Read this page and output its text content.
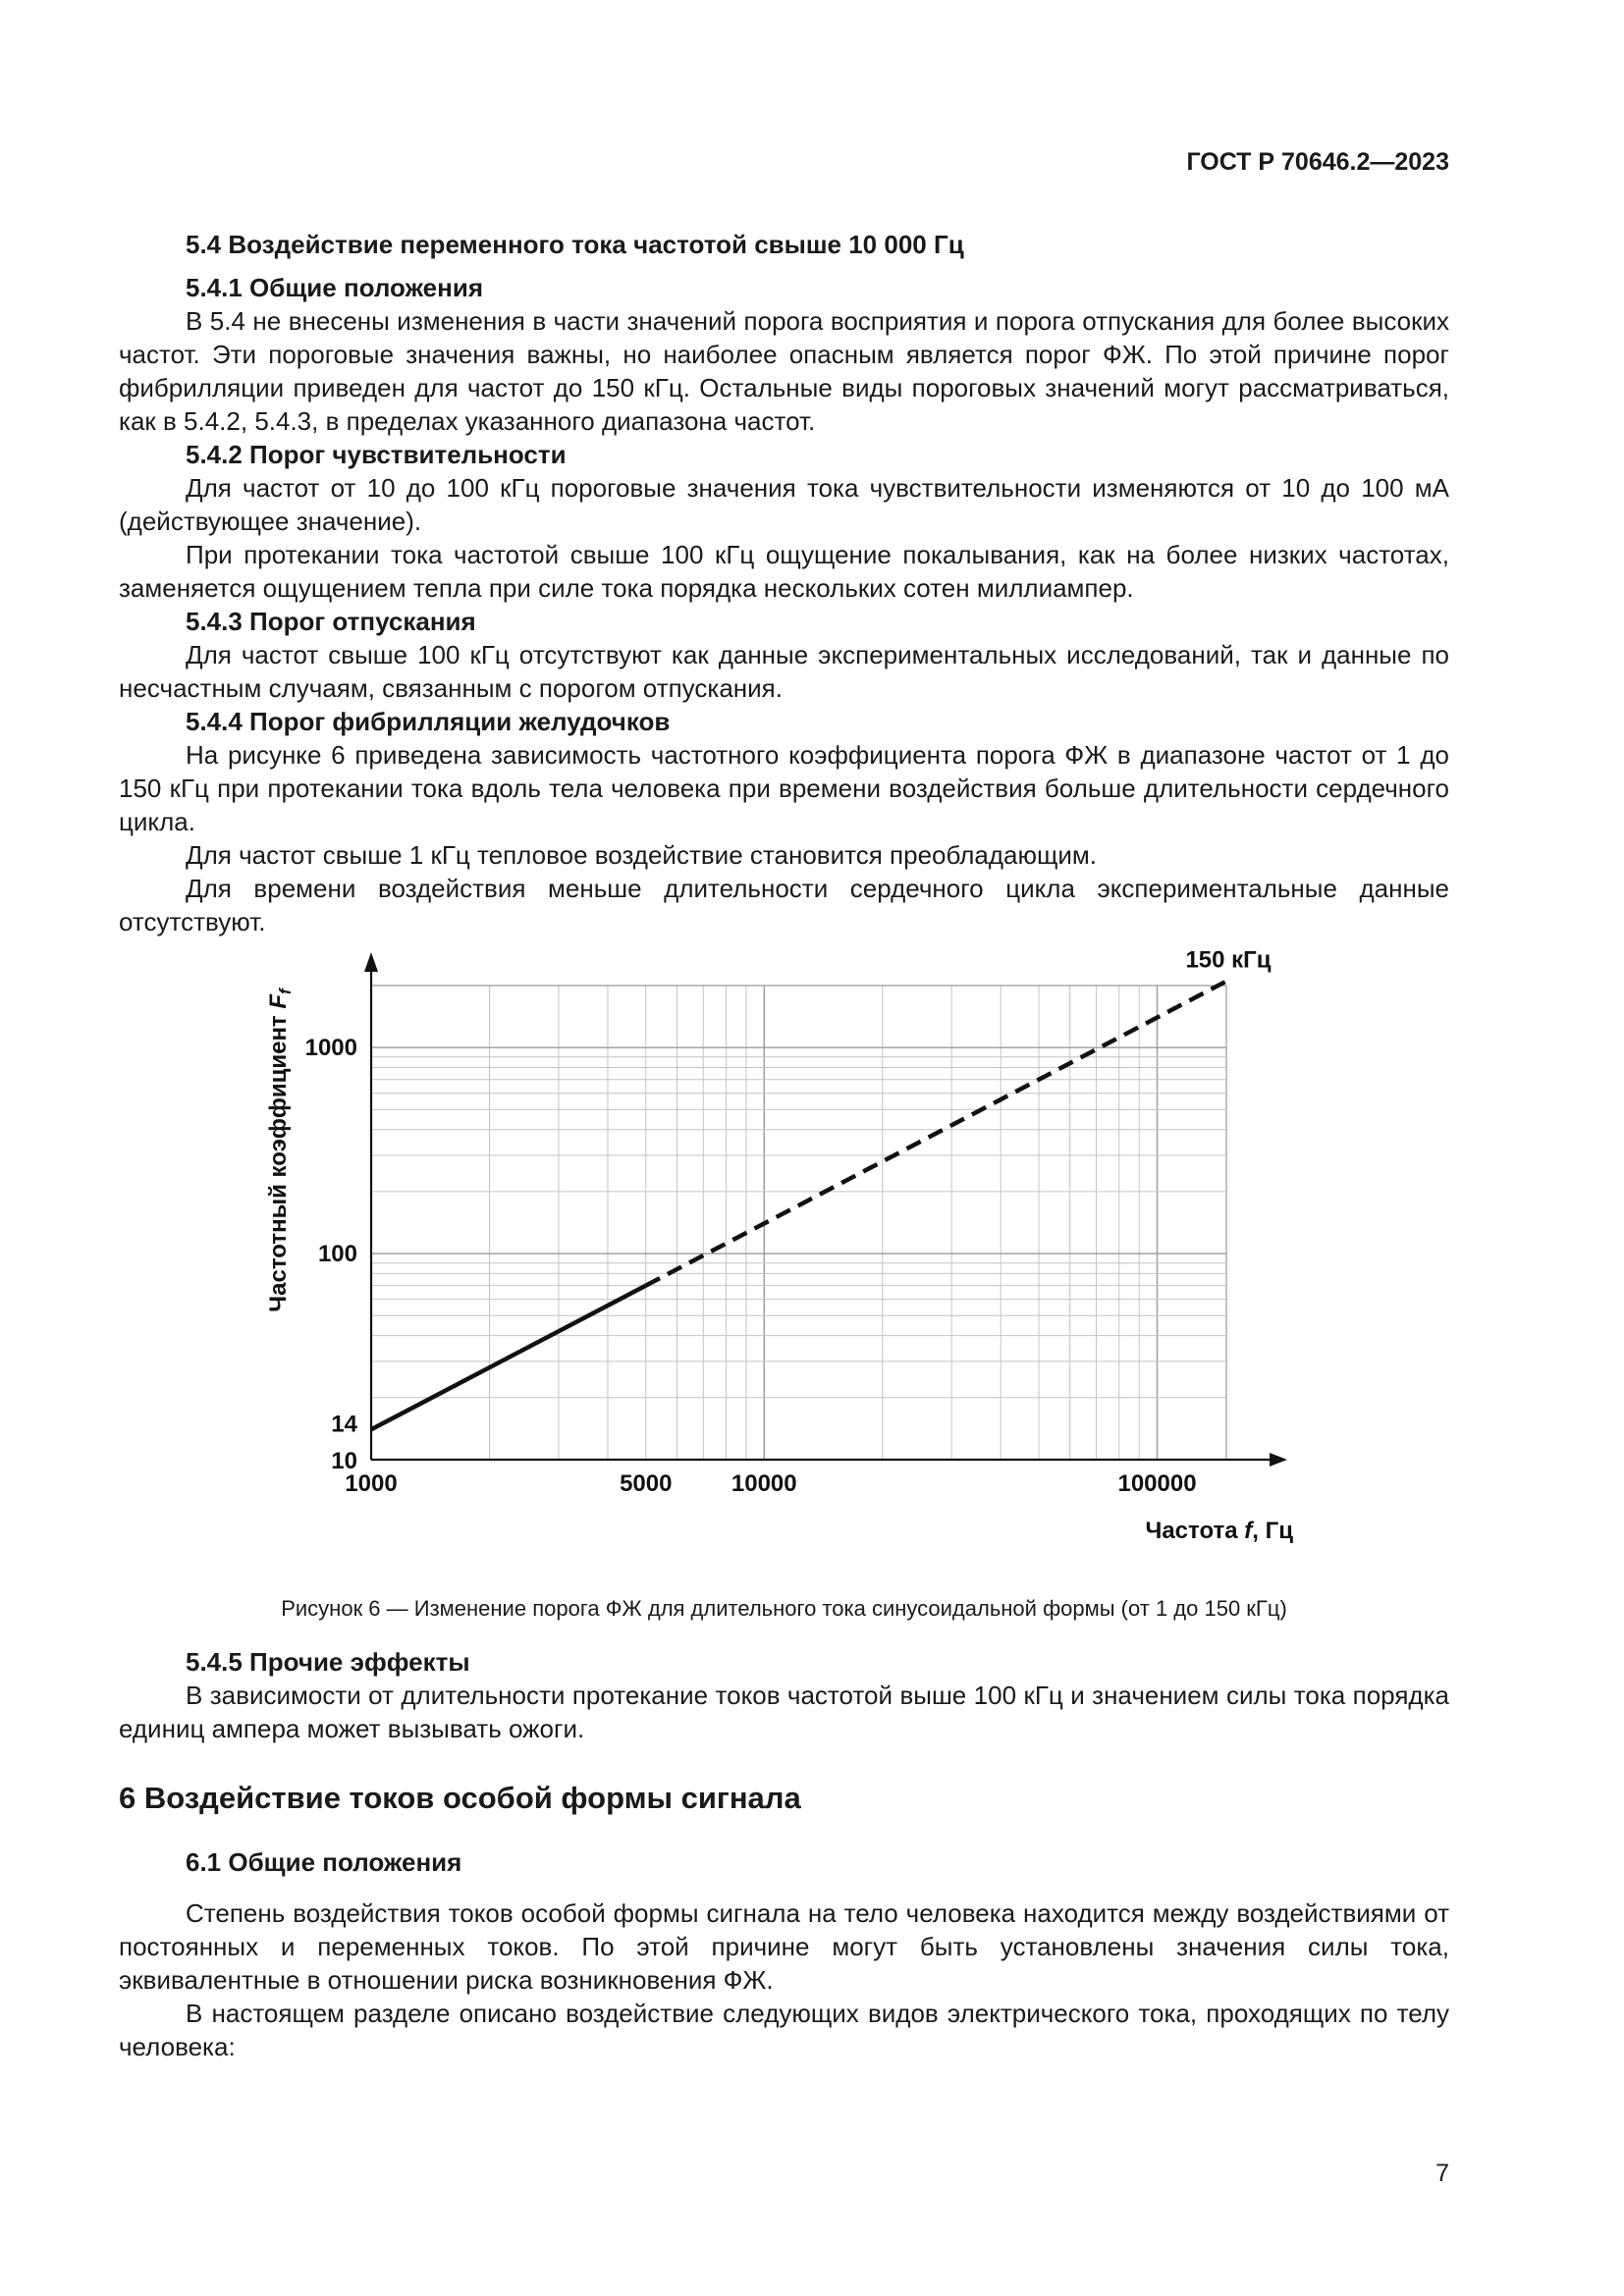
ГОСТ Р 70646.2—2023
5.4 Воздействие переменного тока частотой свыше 10 000 Гц
5.4.1 Общие положения

В 5.4 не внесены изменения в части значений порога восприятия и порога отпускания для более высоких частот. Эти пороговые значения важны, но наиболее опасным является порог ФЖ. По этой причине порог фибрилляции приведен для частот до 150 кГц. Остальные виды пороговых значений могут рассматриваться, как в 5.4.2, 5.4.3, в пределах указанного диапазона частот.

5.4.2 Порог чувствительности

Для частот от 10 до 100 кГц пороговые значения тока чувствительности изменяются от 10 до 100 мА (действующее значение).

При протекании тока частотой свыше 100 кГц ощущение покалывания, как на более низких частотах, заменяется ощущением тепла при силе тока порядка нескольких сотен миллиампер.

5.4.3 Порог отпускания

Для частот свыше 100 кГц отсутствуют как данные экспериментальных исследований, так и данные по несчастным случаям, связанным с порогом отпускания.

5.4.4 Порог фибрилляции желудочков

На рисунке 6 приведена зависимость частотного коэффициента порога ФЖ в диапазоне частот от 1 до 150 кГц при протекании тока вдоль тела человека при времени воздействия больше длительности сердечного цикла.

Для частот свыше 1 кГц тепловое воздействие становится преобладающим.

Для времени воздействия меньше длительности сердечного цикла экспериментальные данные отсутствуют.

1000	5000	10000	100000
10
14
100
1000
150 кГц
Частота f, Гц
Частотный коэффициент $F_f$
Рисунок 6 — Изменение порога ФЖ для длительного тока синусоидальной формы (от 1 до 150 кГц)
5.4.5 Прочие эффекты

В зависимости от длительности протекание токов частотой выше 100 кГц и значением силы тока порядка единиц ампера может вызывать ожоги.

6 Воздействие токов особой формы сигнала
6.1 Общие положения

Степень воздействия токов особой формы сигнала на тело человека находится между воздействиями от постоянных и переменных токов. По этой причине могут быть установлены значения силы тока, эквивалентные в отношении риска возникновения ФЖ.

В настоящем разделе описано воздействие следующих видов электрического тока, проходящих по телу человека:

7
